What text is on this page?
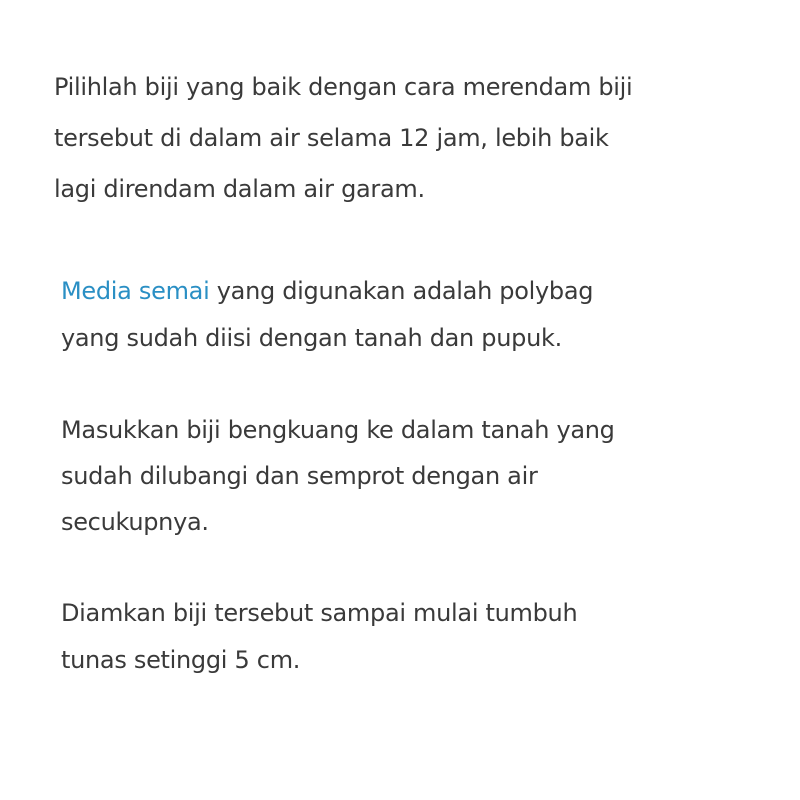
Pilihlah biji yang baik dengan cara merendam biji
tersebut di dalam air selama 12 jam, lebih baik
lagi direndam dalam air garam.

Media semai yang digunakan adalah polybag
yang sudah diisi dengan tanah dan pupuk.

Masukkan biji bengkuang ke dalam tanah yang
sudah dilubangi dan semprot dengan air
secukupnya.

Diamkan biji tersebut sampai mulai tumbuh
tunas setinggi 5 cm.
